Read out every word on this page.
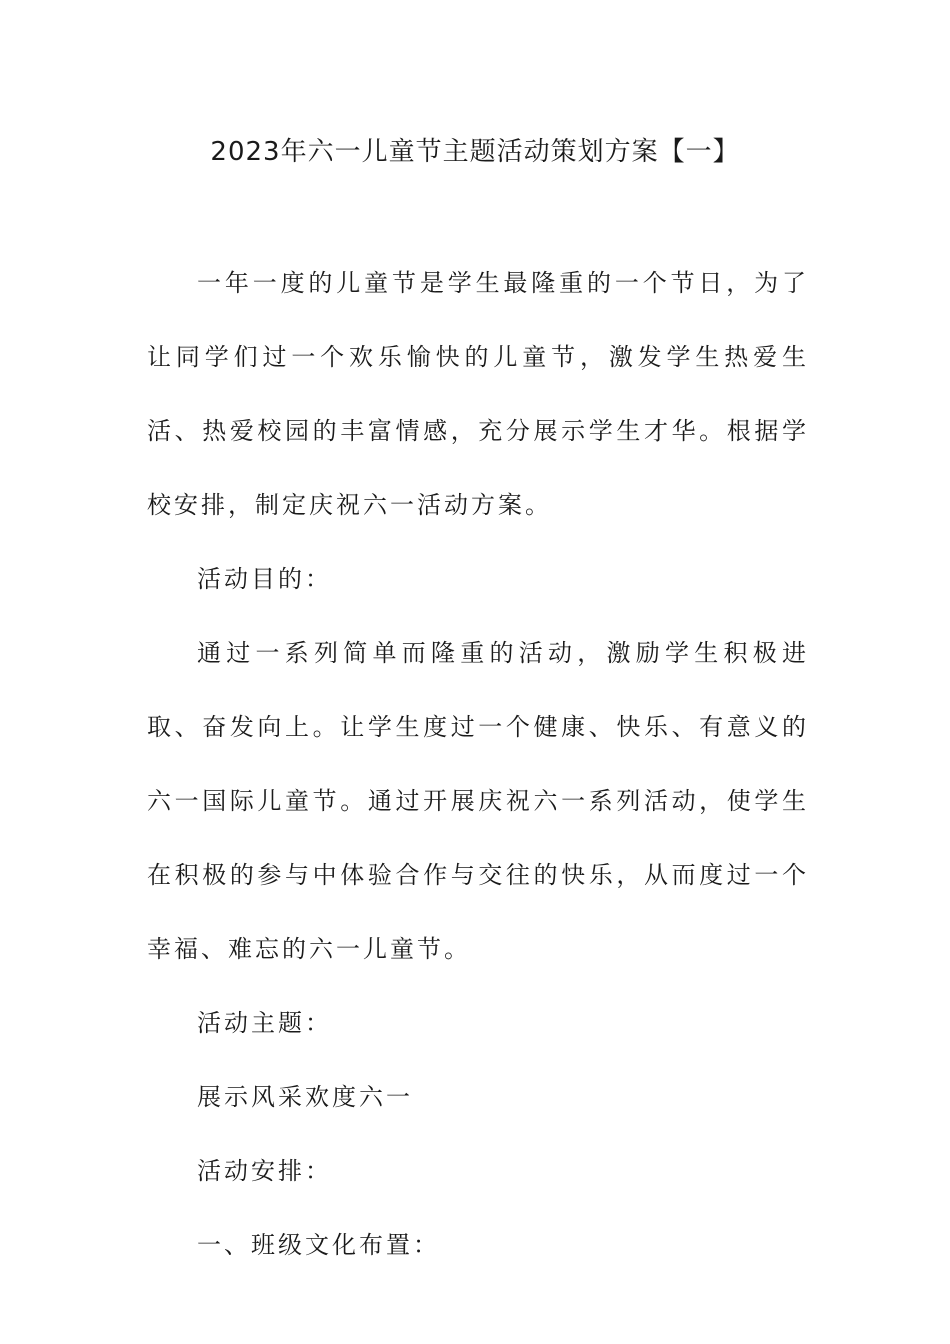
2023年六一儿童节主题活动策划方案【一】

一年一度的儿童节是学生最隆重的一个节日，为了让同学们过一个欢乐愉快的儿童节，激发学生热爱生活、热爱校园的丰富情感，充分展示学生才华。根据学校安排，制定庆祝六一活动方案。

活动目的：

通过一系列简单而隆重的活动，激励学生积极进取、奋发向上。让学生度过一个健康、快乐、有意义的六一国际儿童节。通过开展庆祝六一系列活动，使学生在积极的参与中体验合作与交往的快乐，从而度过一个幸福、难忘的六一儿童节。

活动主题：

展示风采欢度六一

活动安排：

一、班级文化布置：
